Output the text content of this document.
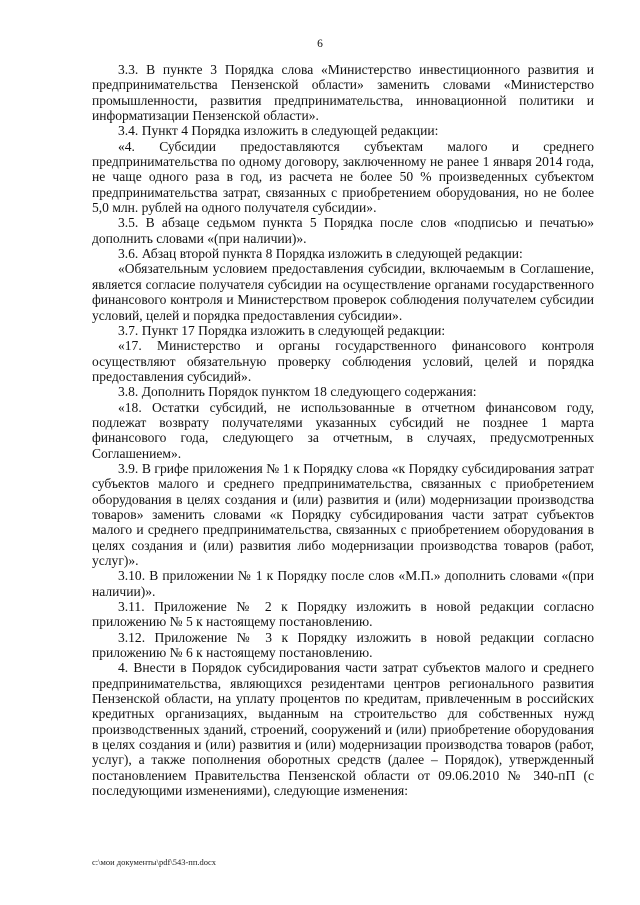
6

3.3. В пункте 3 Порядка слова «Министерство инвестиционного развития и предпринимательства Пензенской области» заменить словами «Министерство промышленности, развития предпринимательства, инновационной политики и информатизации Пензенской области».

3.4. Пункт 4 Порядка изложить в следующей редакции:

«4. Субсидии предоставляются субъектам малого и среднего предпринимательства по одному договору, заключенному не ранее 1 января 2014 года, не чаще одного раза в год, из расчета не более 50 % произведенных субъектом предпринимательства затрат, связанных с приобретением оборудования, но не более 5,0 млн. рублей на одного получателя субсидии».

3.5. В абзаце седьмом пункта 5 Порядка после слов «подписью и печатью» дополнить словами «(при наличии)».

3.6. Абзац второй пункта 8 Порядка изложить в следующей редакции:

«Обязательным условием предоставления субсидии, включаемым в Соглашение, является согласие получателя субсидии на осуществление органами государственного финансового контроля и Министерством проверок соблюдения получателем субсидии условий, целей и порядка предоставления субсидии».

3.7. Пункт 17 Порядка изложить в следующей редакции:

«17. Министерство и органы государственного финансового контроля осуществляют обязательную проверку соблюдения условий, целей и порядка предоставления субсидий».

3.8. Дополнить Порядок пунктом 18 следующего содержания:

«18. Остатки субсидий, не использованные в отчетном финансовом году, подлежат возврату получателями указанных субсидий не позднее 1 марта финансового года, следующего за отчетным, в случаях, предусмотренных Соглашением».

3.9. В грифе приложения № 1 к Порядку слова «к Порядку субсидирования затрат субъектов малого и среднего предпринимательства, связанных с приобретением оборудования в целях создания и (или) развития и (или) модернизации производства товаров» заменить словами «к Порядку субсидирования части затрат субъектов малого и среднего предпринимательства, связанных с приобретением оборудования в целях создания и (или) развития либо модернизации производства товаров (работ, услуг)».

3.10. В приложении № 1 к Порядку после слов «М.П.» дополнить словами «(при наличии)».

3.11. Приложение № 2 к Порядку изложить в новой редакции согласно приложению № 5 к настоящему постановлению.

3.12. Приложение № 3 к Порядку изложить в новой редакции согласно приложению № 6 к настоящему постановлению.

4. Внести в Порядок субсидирования части затрат субъектов малого и среднего предпринимательства, являющихся резидентами центров регионального развития Пензенской области, на уплату процентов по кредитам, привлеченным в российских кредитных организациях, выданным на строительство для собственных нужд производственных зданий, строений, сооружений и (или) приобретение оборудования в целях создания и (или) развития и (или) модернизации производства товаров (работ, услуг), а также пополнения оборотных средств (далее – Порядок), утвержденный постановлением Правительства Пензенской области от 09.06.2010 № 340-пП (с последующими изменениями), следующие изменения:

c:\мои документы\pdf\543-пп.docx
